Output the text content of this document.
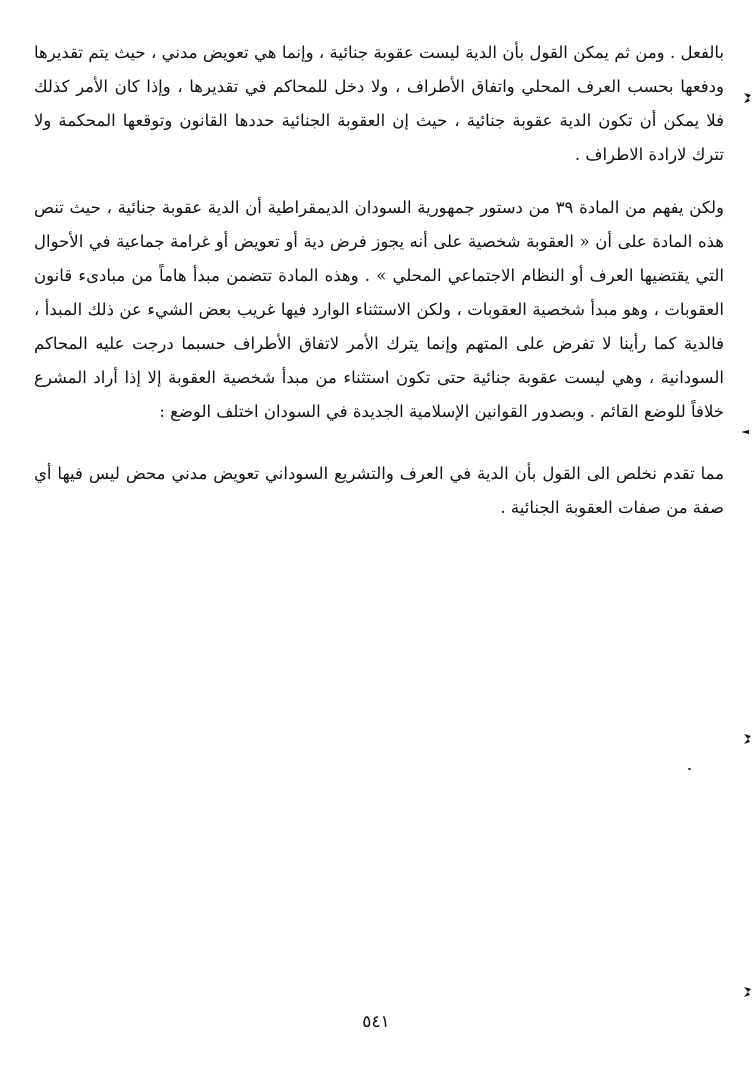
بالفعل . ومن ثم يمكن القول بأن الدية ليست عقوبة جنائية ، وإنما هي تعويض مدني ، حيث يتم تقديرها ودفعها بحسب العرف المحلي واتفاق الأطراف ، ولا دخل للمحاكم في تقديرها ، وإذا كان الأمر كذلك فلا يمكن أن تكون الدية عقوبة جنائية ، حيث إن العقوبة الجنائية حددها القانون وتوقعها المحكمة ولا تترك لارادة الاطراف .

ولكن يفهم من المادة ٣٩ من دستور جمهورية السودان الديمقراطية أن الدية عقوبة جنائية ، حيث تنص هذه المادة على أن « العقوبة شخصية على أنه يجوز فرض دية أو تعويض أو غرامة جماعية في الأحوال التي يقتضيها العرف أو النظام الاجتماعي المحلي » . وهذه المادة تتضمن مبدأ هاماً من مبادىء قانون العقوبات ، وهو مبدأ شخصية العقوبات ، ولكن الاستثناء الوارد فيها غريب بعض الشيء عن ذلك المبدأ ، فالدية كما رأينا لا تفرض على المتهم وإنما يترك الأمر لاتفاق الأطراف حسبما درجت عليه المحاكم السودانية ، وهي ليست عقوبة جنائية حتى تكون استثناء من مبدأ شخصية العقوبة إلا إذا أراد المشرع خلافاً للوضع القائم . وبصدور القوانين الإسلامية الجديدة في السودان اختلف الوضع :

مما تقدم نخلص الى القول بأن الدية في العرف والتشريع السوداني تعويض مدني محض ليس فيها أي صفة من صفات العقوبة الجنائية .

٥٤١
